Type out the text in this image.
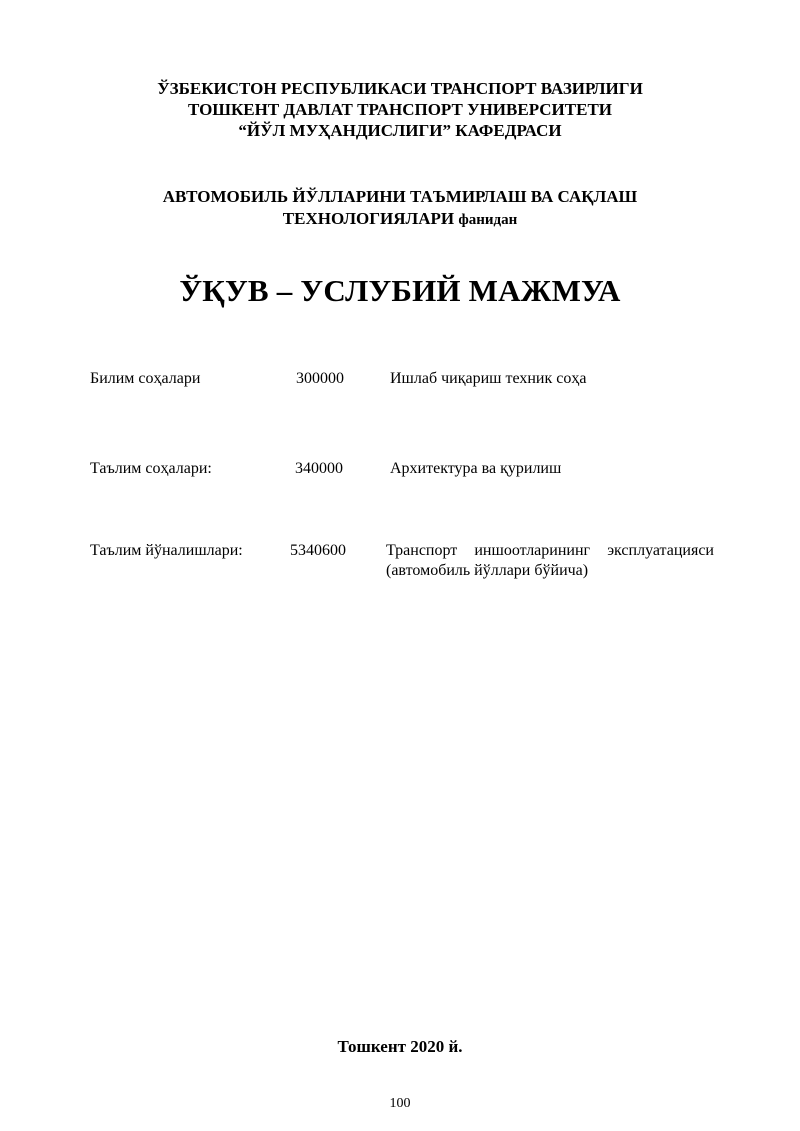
ЎЗБЕКИСТОН РЕСПУБЛИКАСИ ТРАНСПОРТ ВАЗИРЛИГИ
ТОШКЕНТ ДАВЛАТ ТРАНСПОРТ УНИВЕРСИТЕТИ
“ЙЎЛ МУҲАНДИСЛИГИ” КАФЕДРАСИ
АВТОМОБИЛЬ ЙЎЛЛАРИНИ ТАЪМИРЛАШ ВА САҚЛАШ
ТЕХНОЛОГИЯЛАРИ фанидан
ЎҚУВ – УСЛУБИЙ МАЖМУА
Билим соҳалари	300000	Ишлаб чиқариш техник соҳа
Таълим соҳалари:	340000	Архитектура ва қурилиш
Таълим йўналишлари:	5340600	Транспорт иншоотларининг эксплуатацияси (автомобиль йўллари бўйича)
Тошкент 2020 й.
100
